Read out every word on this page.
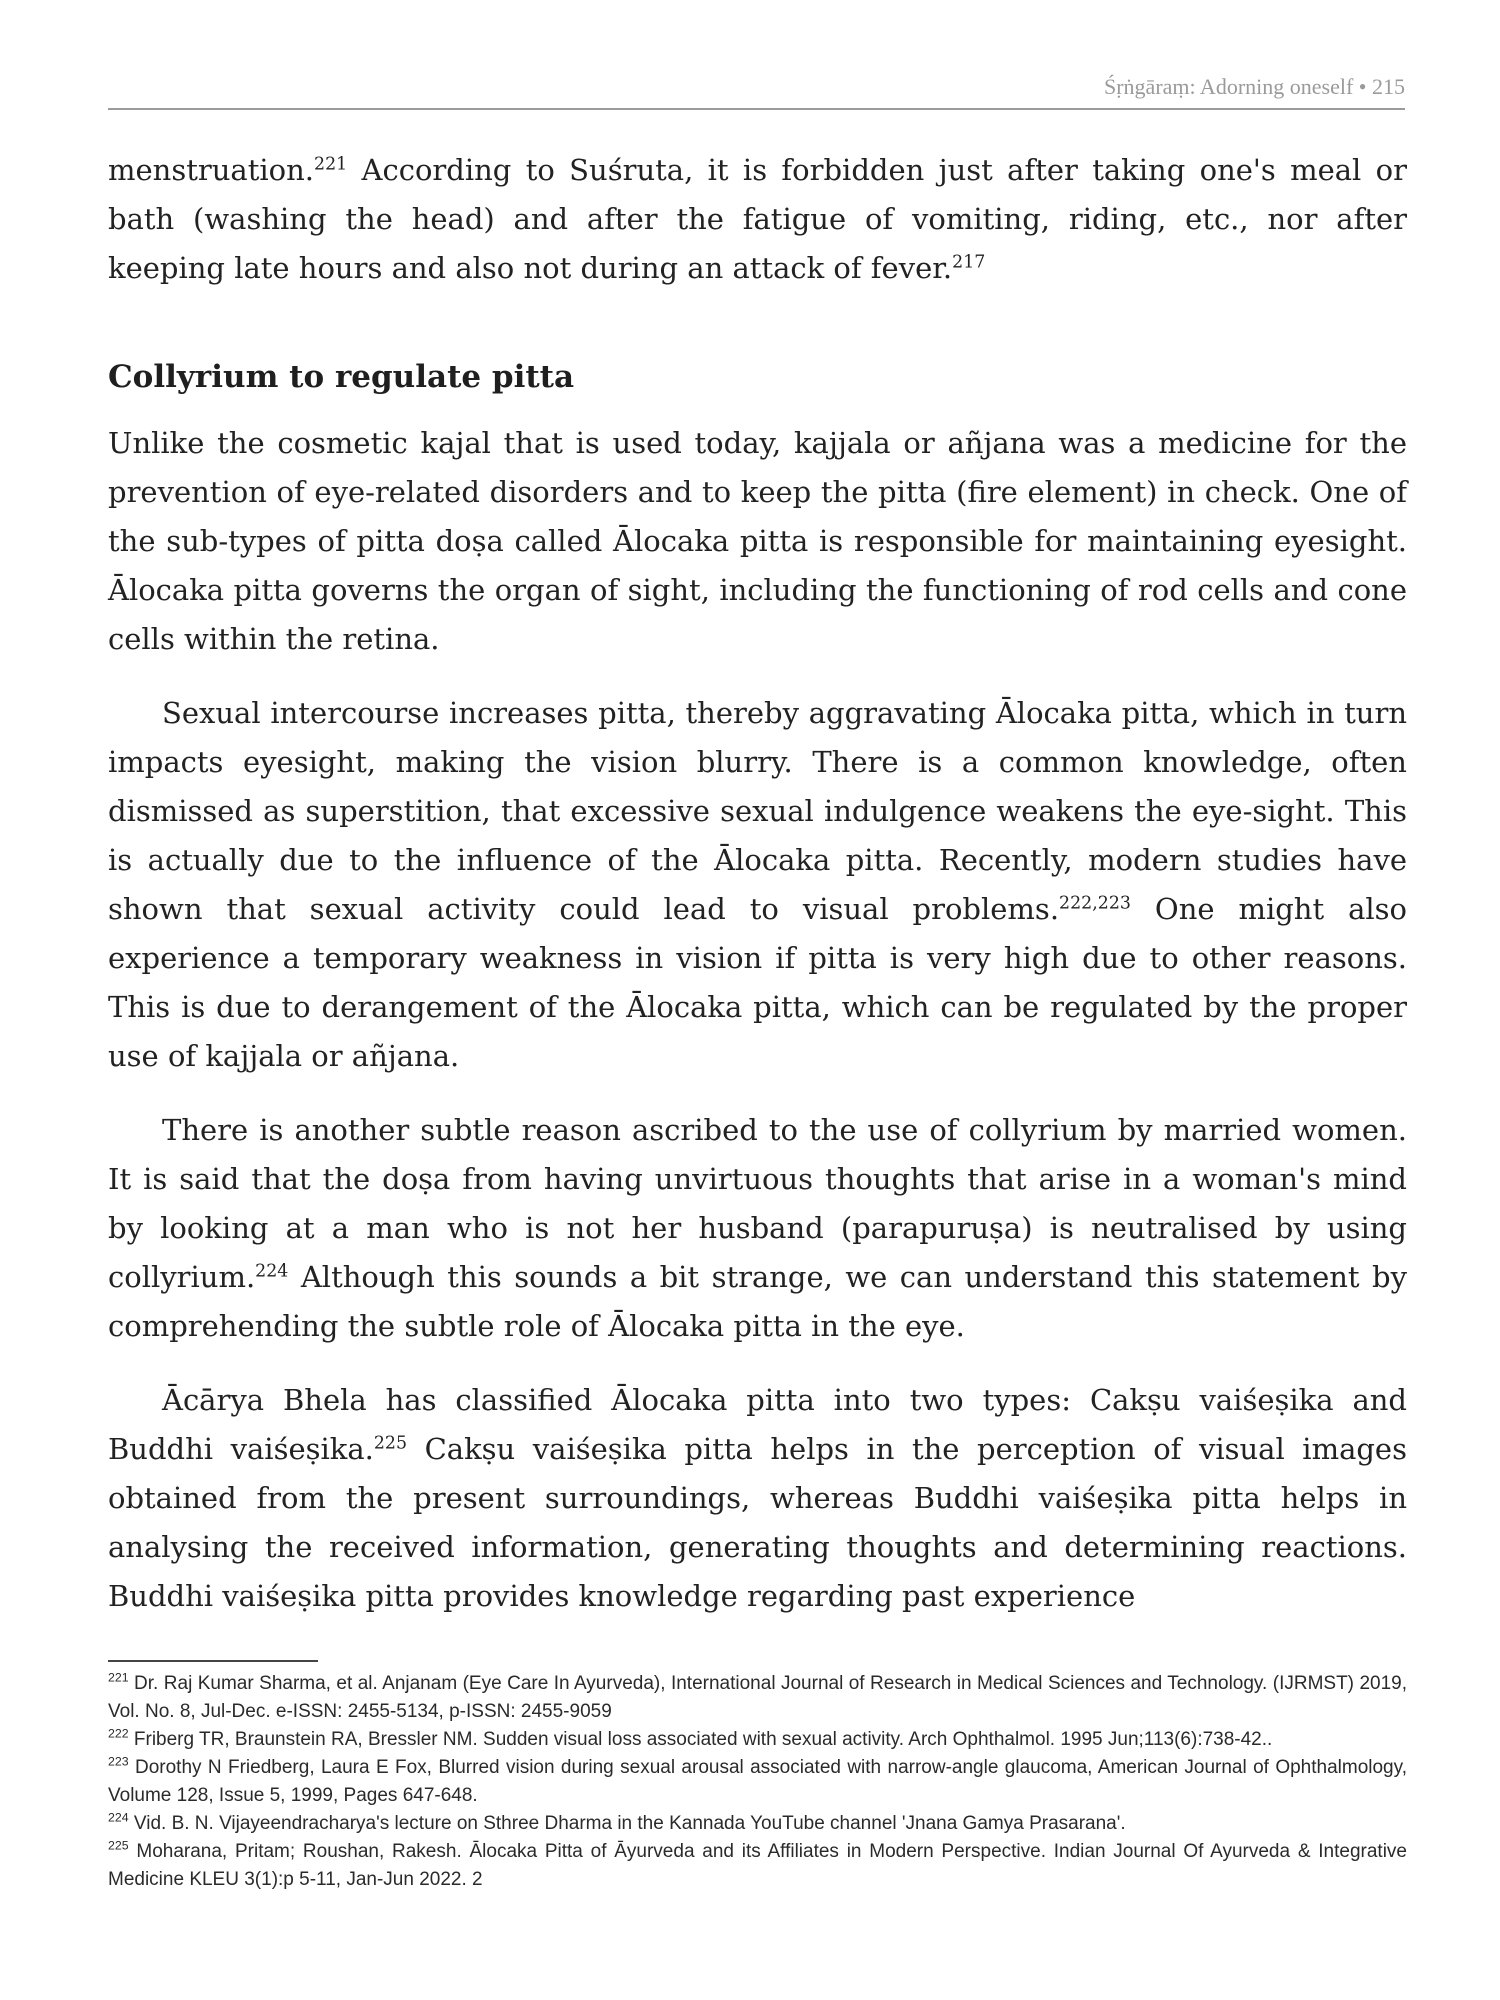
Śṛṅgāraṃ: Adorning oneself • 215

menstruation.$^{221}$ According to Suśruta, it is forbidden just after taking one's meal or bath (washing the head) and after the fatigue of vomiting, riding, etc., nor after keeping late hours and also not during an attack of fever.$^{217}$

Collyrium to regulate pitta

Unlike the cosmetic kajal that is used today, kajjala or añjana was a medicine for the prevention of eye-related disorders and to keep the pitta (fire element) in check. One of the sub-types of pitta doṣa called Ālocaka pitta is responsible for maintaining eyesight. Ālocaka pitta governs the organ of sight, including the functioning of rod cells and cone cells within the retina.

Sexual intercourse increases pitta, thereby aggravating Ālocaka pitta, which in turn impacts eyesight, making the vision blurry. There is a common knowledge, often dismissed as superstition, that excessive sexual indulgence weakens the eye-sight. This is actually due to the influence of the Ālocaka pitta. Recently, modern studies have shown that sexual activity could lead to visual problems.$^{222,223}$ One might also experience a temporary weakness in vision if pitta is very high due to other reasons. This is due to derangement of the Ālocaka pitta, which can be regulated by the proper use of kajjala or añjana.

There is another subtle reason ascribed to the use of collyrium by married women. It is said that the doṣa from having unvirtuous thoughts that arise in a woman's mind by looking at a man who is not her husband (parapuruṣa) is neutralised by using collyrium.$^{224}$ Although this sounds a bit strange, we can understand this statement by comprehending the subtle role of Ālocaka pitta in the eye.

Ācārya Bhela has classified Ālocaka pitta into two types: Cakṣu vaiśeṣika and Buddhi vaiśeṣika.$^{225}$ Cakṣu vaiśeṣika pitta helps in the perception of visual images obtained from the present surroundings, whereas Buddhi vaiśeṣika pitta helps in analysing the received information, generating thoughts and determining reactions. Buddhi vaiśeṣika pitta provides knowledge regarding past experience

$^{221}$ Dr. Raj Kumar Sharma, et al. Anjanam (Eye Care In Ayurveda), International Journal of Research in Medical Sciences and Technology. (IJRMST) 2019, Vol. No. 8, Jul-Dec. e-ISSN: 2455-5134, p-ISSN: 2455-9059

$^{222}$ Friberg TR, Braunstein RA, Bressler NM. Sudden visual loss associated with sexual activity. Arch Ophthalmol. 1995 Jun;113(6):738-42..

$^{223}$ Dorothy N Friedberg, Laura E Fox, Blurred vision during sexual arousal associated with narrow-angle glaucoma, American Journal of Ophthalmology, Volume 128, Issue 5, 1999, Pages 647-648.

$^{224}$ Vid. B. N. Vijayeendracharya's lecture on Sthree Dharma in the Kannada YouTube channel 'Jnana Gamya Prasarana'.

$^{225}$ Moharana, Pritam; Roushan, Rakesh. Ālocaka Pitta of Āyurveda and its Affiliates in Modern Perspective. Indian Journal Of Ayurveda & Integrative Medicine KLEU 3(1):p 5-11, Jan-Jun 2022. 2
